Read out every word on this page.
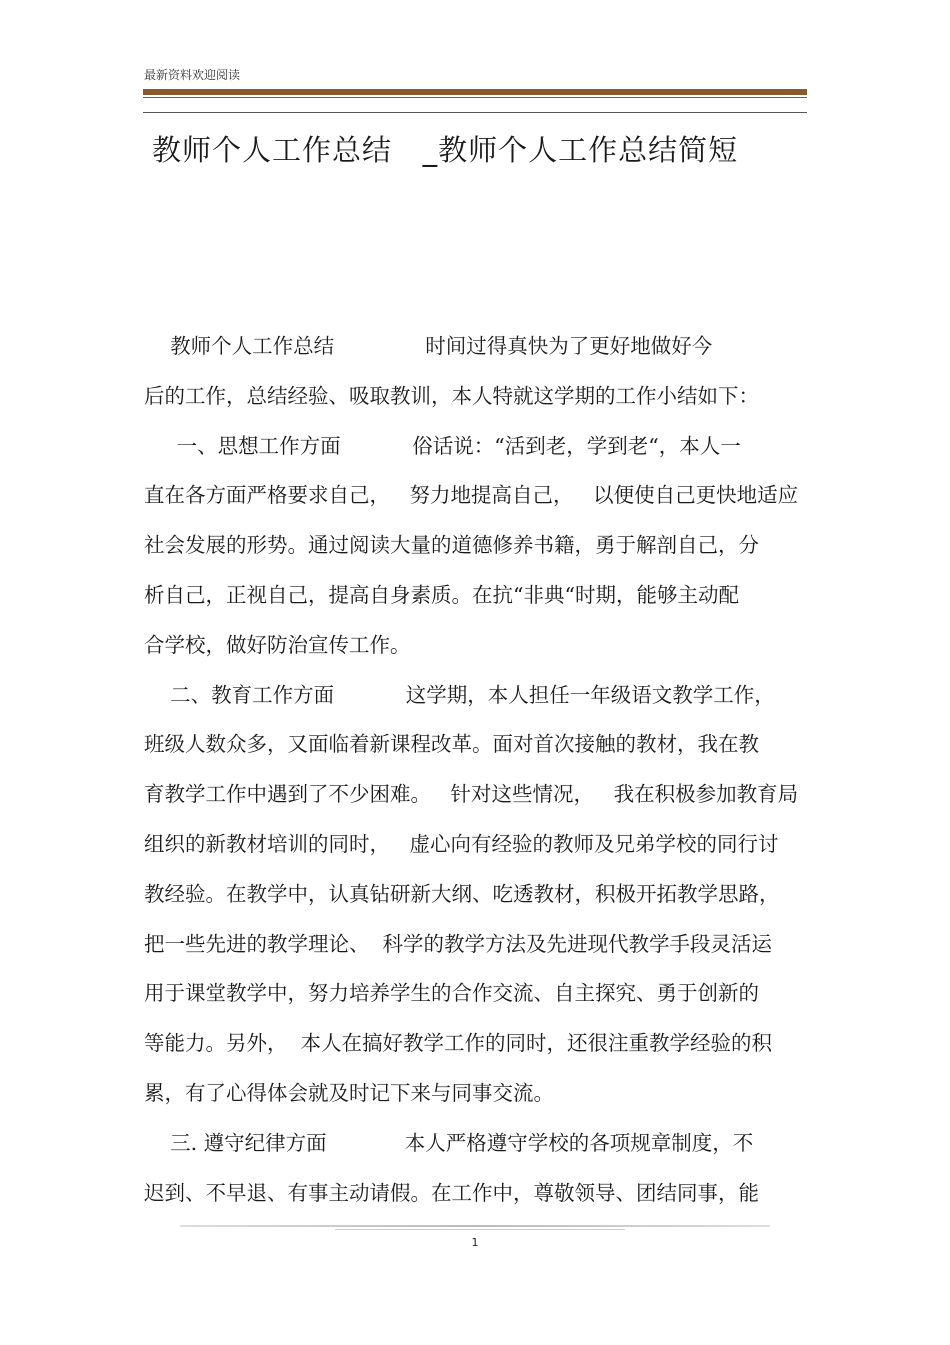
最新资料欢迎阅读
教师个人工作总结   _教师个人工作总结简短
教师个人工作总结              时间过得真快为了更好地做好今
后的工作，总结经验、吸取教训，本人特就这学期的工作小结如下：
一、思想工作方面           俗话说：“活到老，学到老“，本人一
直在各方面严格要求自己，   努力地提高自己，   以便使自己更快地适应
社会发展的形势。通过阅读大量的道德修养书籍，勇于解剖自己，分
析自己，正视自己，提高自身素质。在抗“非典“时期，能够主动配
合学校，做好防治宣传工作。
二、教育工作方面           这学期，本人担任一年级语文教学工作，
班级人数众多，又面临着新课程改革。面对首次接触的教材，我在教
育教学工作中遇到了不少困难。   针对这些情况，   我在积极参加教育局
组织的新教材培训的同时，   虚心向有经验的教师及兄弟学校的同行讨
教经验。在教学中，认真钻研新大纲、吃透教材，积极开拓教学思路，
把一些先进的教学理论、  科学的教学方法及先进现代教学手段灵活运
用于课堂教学中，努力培养学生的合作交流、自主探究、勇于创新的
等能力。另外，  本人在搞好教学工作的同时，还很注重教学经验的积
累，有了心得体会就及时记下来与同事交流。
三. 遵守纪律方面            本人严格遵守学校的各项规章制度，不
迟到、不早退、有事主动请假。在工作中，尊敬领导、团结同事，能
1
